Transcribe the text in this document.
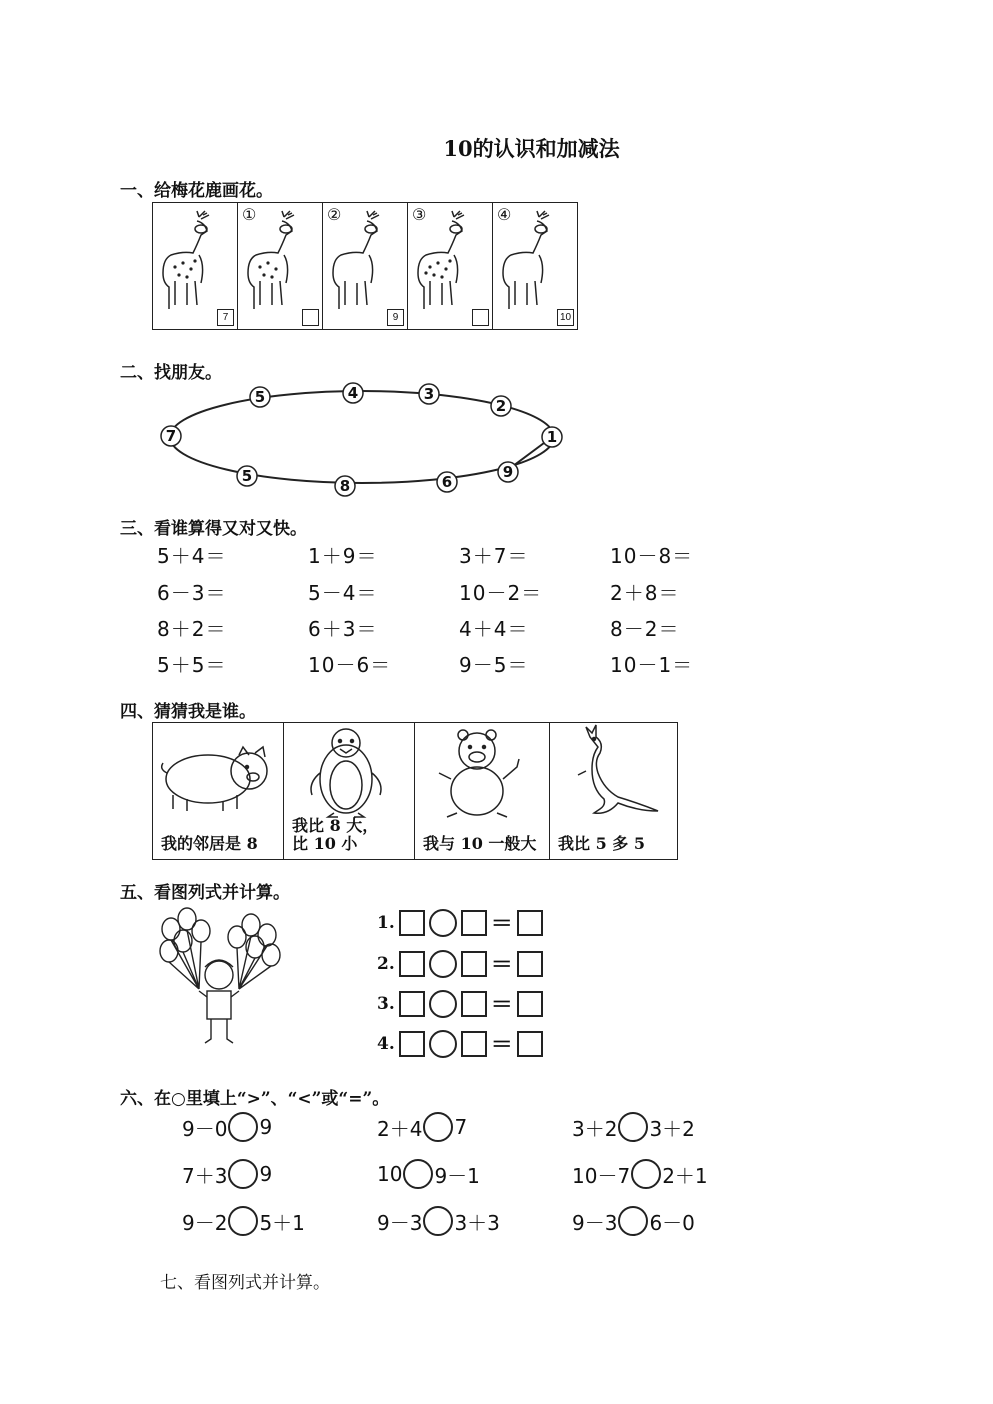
10的认识和加减法
一、给梅花鹿画花。
7
①	②
9
③	④
10
二、找朋友。
5	4	3
2
1
9
6
8
5
7
三、看谁算得又对又快。
5＋4＝	1＋9＝	3＋7＝	10－8＝
6－3＝	5－4＝	10－2＝	2＋8＝
8＋2＝	6＋3＝	4＋4＝	8－2＝
5＋5＝	10－6＝	9－5＝	10－1＝
四、猜猜我是谁。
我的邻居是 8
我比 8 大，
比 10 小	我与 10 一般大 我比 5 多 5
五、看图列式并计算。
1.	＝
2.	＝
3.	＝
4.	＝
六、在○里填上“>”、“<”或“=”。
9－0 9	2＋4 7	3＋2 3＋2
7＋3 9	10 9－1	10－7 2＋1
9－2 5＋1	9－3 3＋3	9－3 6－0
七、看图列式并计算。
